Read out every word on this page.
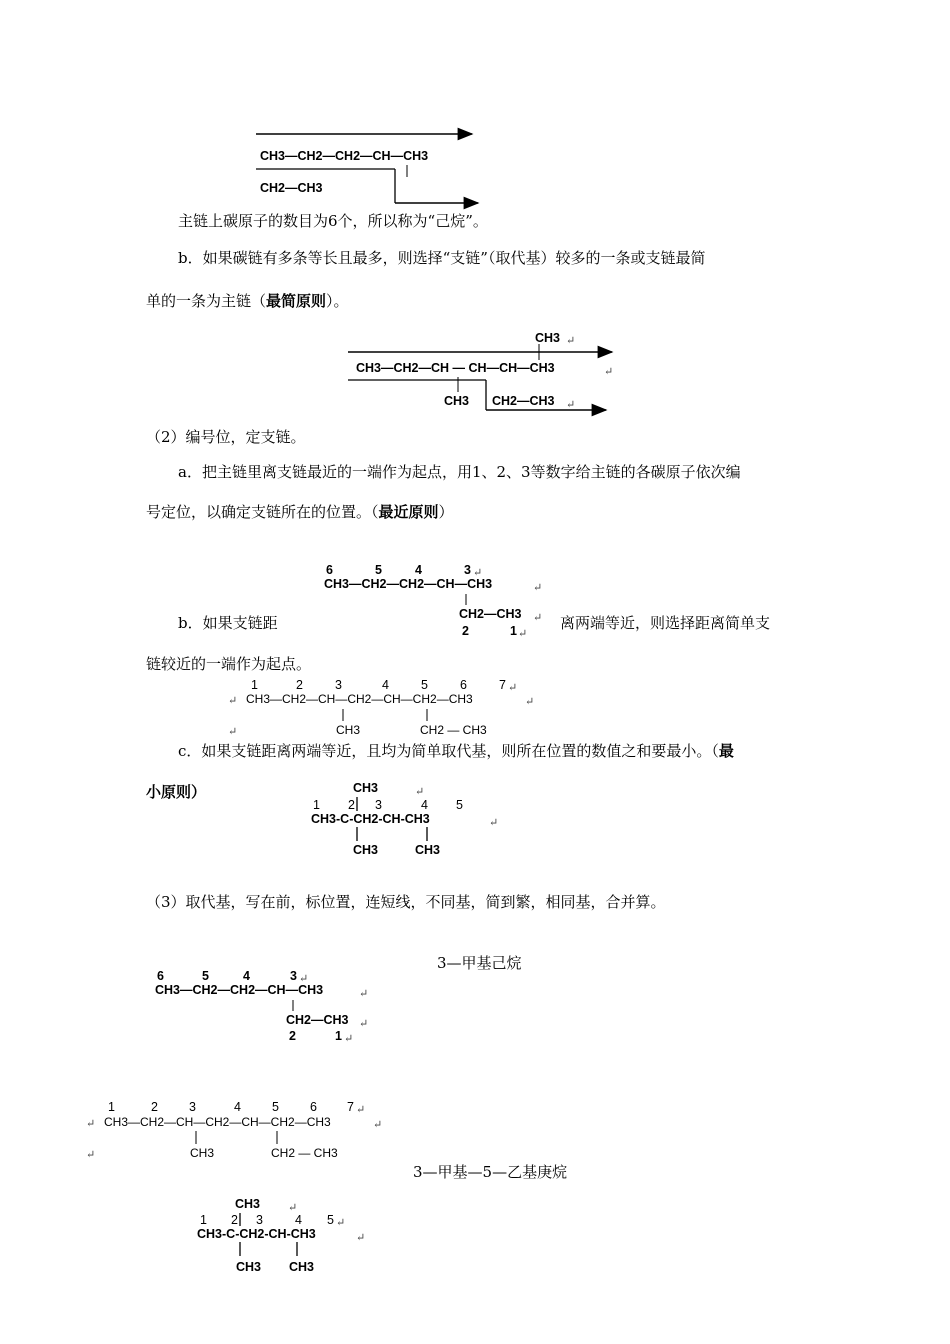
CH3—CH2—CH2—CH—CH3
CH2—CH3
主链上碳原子的数目为6个，所以称为“己烷”。
b．如果碳链有多条等长且最多，则选择“支链”（取代基）较多的一条或支链最简
单的一条为主链（最简原则）。
CH3 ↵
CH3—CH2—CH — CH—CH—CH3	↵
CH3 CH2—CH3 ↵
（2）编号位，定支链。
a．把主链里离支链最近的一端作为起点，用1、2、3等数字给主链的各碳原子依次编
号定位，以确定支链所在的位置。（最近原则）
6	5	4	3 ↵
CH3—CH2—CH2—CH—CH3	↵
CH2—CH3 ↵
2	1 ↵
b．如果支链距	离两端等近，则选择距离简单支
链较近的一端作为起点。
↵
1	2	3	4	5	6	7 ↵
CH3—CH2—CH—CH2—CH—CH2—CH3	↵
↵	CH3	CH2 — CH3
c．如果支链距离两端等近，且均为简单取代基，则所在位置的数值之和要最小。（最
小原则）	CH3	↵
1 2 3	4 5
CH3-C-CH2-CH-CH3	↵
CH3	CH3
（3）取代基，写在前，标位置，连短线，不同基，简到繁，相同基，合并算。
3—甲基己烷
6	5	4	3 ↵
CH3—CH2—CH2—CH—CH3	↵
CH2—CH3 ↵
2	1 ↵
↵
1	2 3	4 5 6 7 ↵
CH3—CH2—CH—CH2—CH—CH2—CH3	↵
↵	CH3	CH2 — CH3
3—甲基—5—乙基庚烷
CH3	↵
1 2 3	4 5 ↵
CH3-C-CH2-CH-CH3	↵
CH3 CH3
